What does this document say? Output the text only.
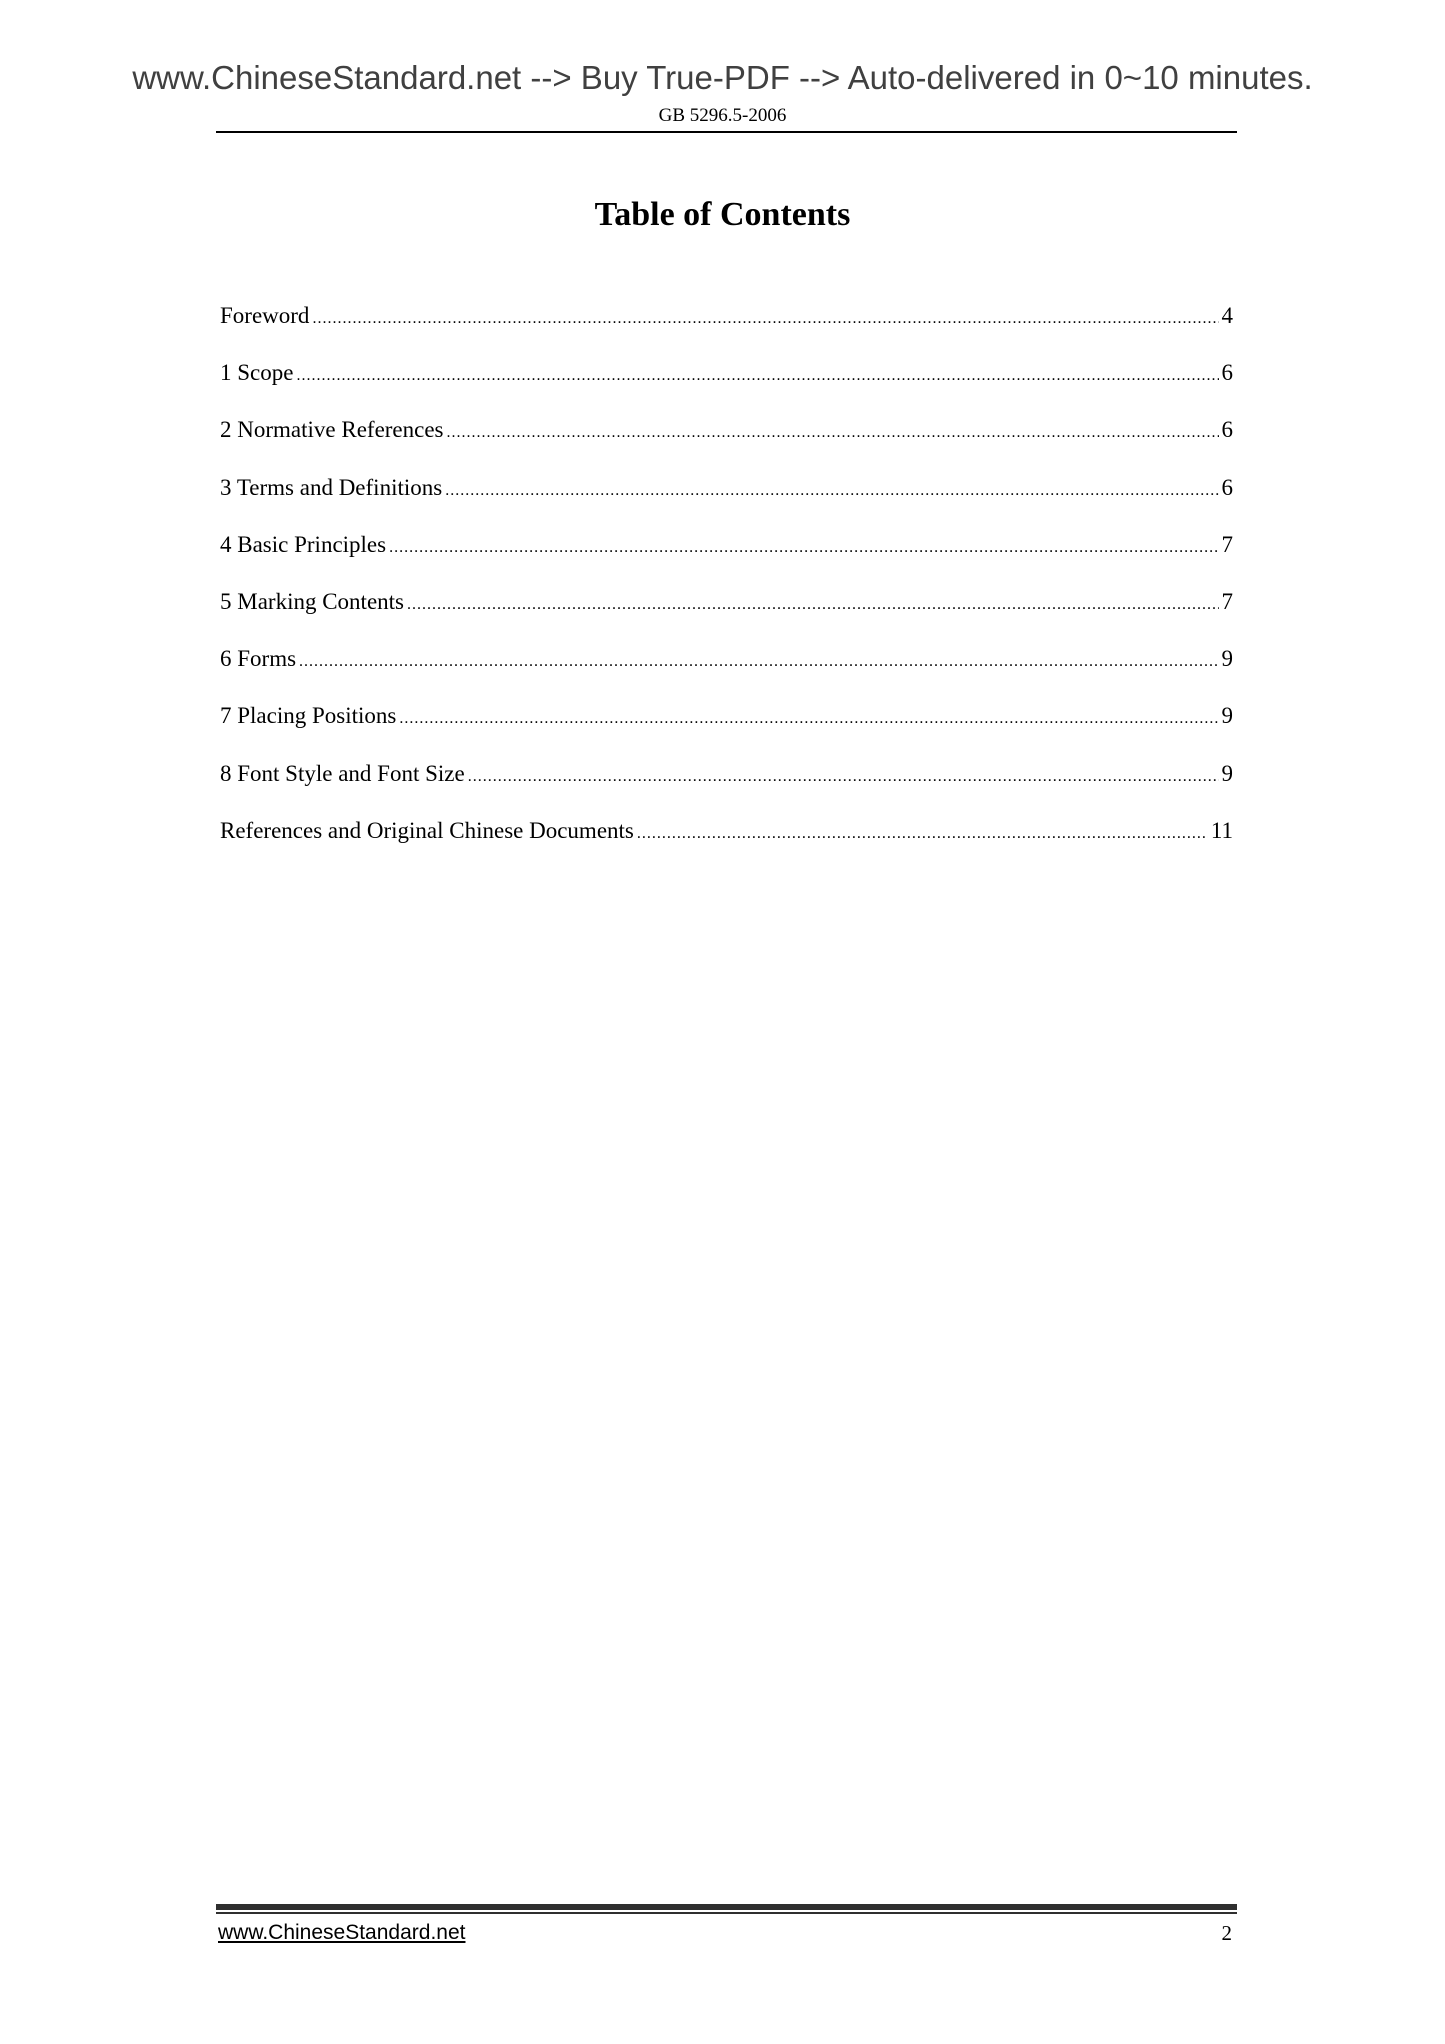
www.ChineseStandard.net --> Buy True-PDF --> Auto-delivered in 0~10 minutes.
GB 5296.5-2006
Table of Contents
Foreword .....	4
1 Scope .....	6
2 Normative References .....	6
3 Terms and Definitions .....	6
4 Basic Principles .....	7
5 Marking Contents .....	7
6 Forms .....	9
7 Placing Positions .....	9
8 Font Style and Font Size .....	9
References and Original Chinese Documents .....	11
www.ChineseStandard.net	2
